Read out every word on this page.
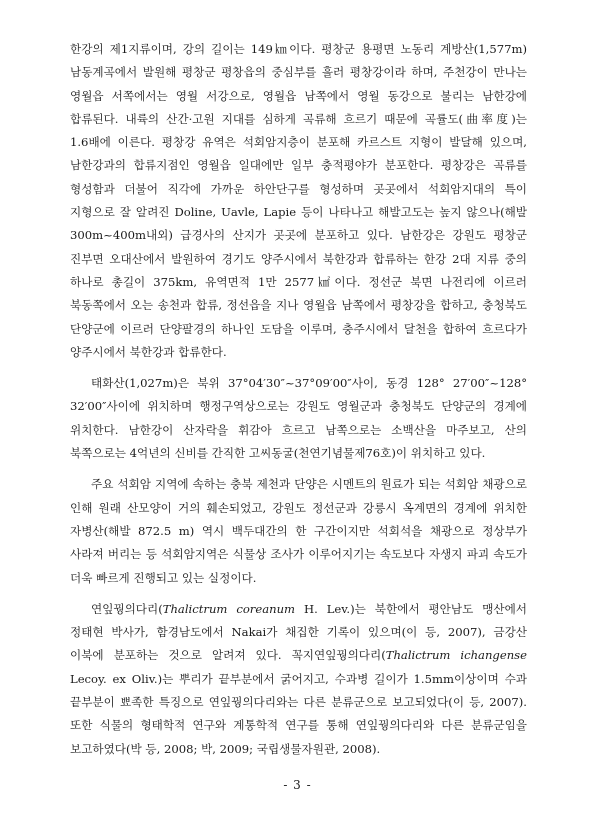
한강의 제1지류이며, 강의 길이는 149㎞이다. 평창군 용평면 노동리 계방산(1,577m) 남동계곡에서 발원해 평창군 평창읍의 중심부를 흘러 평창강이라 하며, 주천강이 만나는 영월읍 서쪽에서는 영월 서강으로, 영월읍 남쪽에서 영월 동강으로 불리는 남한강에 합류된다. 내륙의 산간·고원 지대를 심하게 곡류해 흐르기 때문에 곡률도(曲率度)는 1.6배에 이른다. 평창강 유역은 석회암지층이 분포해 카르스트 지형이 발달해 있으며, 남한강과의 합류지점인 영월읍 일대에만 일부 충적평야가 분포한다. 평창강은 곡류를 형성함과 더불어 직각에 가까운 하안단구를 형성하며 곳곳에서 석회암지대의 특이 지형으로 잘 알려진 Doline, Uavle, Lapie 등이 나타나고 해발고도는 높지 않으나(해발 300m~400m내외) 급경사의 산지가 곳곳에 분포하고 있다. 남한강은 강원도 평창군 진부면 오대산에서 발원하여 경기도 양주시에서 북한강과 합류하는 한강 2대 지류 중의 하나로 총길이 375km, 유역면적 1만 2577㎢이다. 정선군 북면 나전리에 이르러 북동쪽에서 오는 송천과 합류, 정선읍을 지나 영월읍 남쪽에서 평창강을 합하고, 충청북도 단양군에 이르러 단양팔경의 하나인 도담을 이루며, 충주시에서 달천을 합하여 흐르다가 양주시에서 북한강과 합류한다.

태화산(1,027m)은 북위 37°04′30″~37°09′00″사이, 동경 128° 27′00″~128° 32′00″사이에 위치하며 행정구역상으로는 강원도 영월군과 충청북도 단양군의 경계에 위치한다. 남한강이 산자락을 휘감아 흐르고 남쪽으로는 소백산을 마주보고, 산의 북쪽으로는 4억년의 신비를 간직한 고씨동굴(천연기념물제76호)이 위치하고 있다.

주요 석회암 지역에 속하는 충북 제천과 단양은 시멘트의 원료가 되는 석회암 채광으로 인해 원래 산모양이 거의 훼손되었고, 강원도 정선군과 강릉시 옥계면의 경계에 위치한 자병산(해발 872.5 m) 역시 백두대간의 한 구간이지만 석회석을 채광으로 정상부가 사라져 버리는 등 석회암지역은 식물상 조사가 이루어지기는 속도보다 자생지 파괴 속도가 더욱 빠르게 진행되고 있는 실정이다.

연잎꿩의다리(Thalictrum coreanum H. Lev.)는 북한에서 평안남도 맹산에서 정태현 박사가, 함경남도에서 Nakai가 채집한 기록이 있으며(이 등, 2007), 금강산 이북에 분포하는 것으로 알려져 있다. 꼭지연잎꿩의다리(Thalictrum ichangense Lecoy. ex Oliv.)는 뿌리가 끝부분에서 굵어지고, 수과병 길이가 1.5mm이상이며 수과 끝부분이 뾰족한 특징으로 연잎꿩의다리와는 다른 분류군으로 보고되었다(이 등, 2007). 또한 식물의 형태학적 연구와 계통학적 연구를 통해 연잎꿩의다리와 다른 분류군임을 보고하였다(박 등, 2008; 박, 2009; 국립생물자원관, 2008).

- 3 -
